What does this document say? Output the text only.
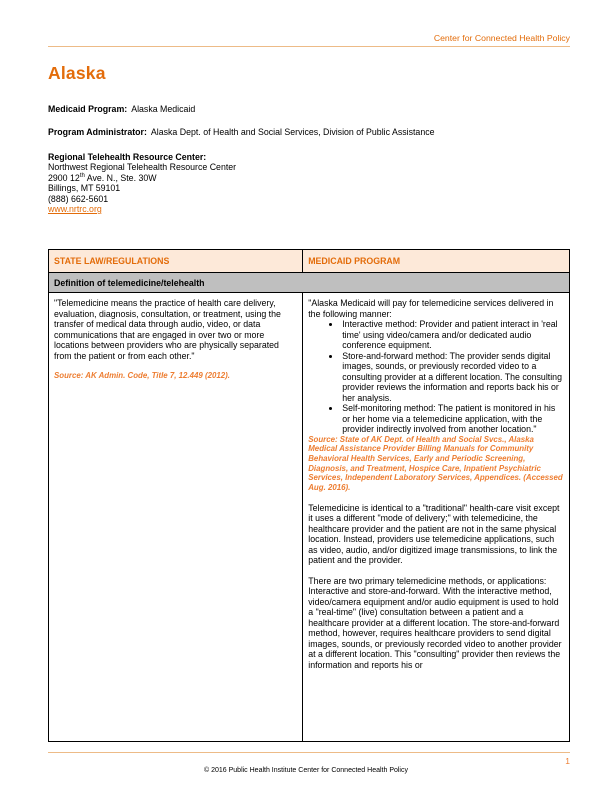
Center for Connected Health Policy
Alaska
Medicaid Program: Alaska Medicaid
Program Administrator: Alaska Dept. of Health and Social Services, Division of Public Assistance
Regional Telehealth Resource Center:
Northwest Regional Telehealth Resource Center
2900 12th Ave. N., Ste. 30W
Billings, MT 59101
(888) 662-5601
www.nrtrc.org
STATE LAW/REGULATIONS	MEDICAID PROGRAM
Definition of telemedicine/telehealth	

"Telemedicine means the practice of health care delivery, evaluation, diagnosis, consultation, or treatment, using the transfer of medical data through audio, video, or data communications that are engaged in over two or more locations between providers who are physically separated from the patient or from each other."

Source: AK Admin. Code, Title 7, 12.449 (2012).

"Alaska Medicaid will pay for telemedicine services delivered in the following manner:
• Interactive method: Provider and patient interact in 'real time' using video/camera and/or dedicated audio conference equipment.
• Store-and-forward method: The provider sends digital images, sounds, or previously recorded video to a consulting provider at a different location. The consulting provider reviews the information and reports back his or her analysis.
• Self-monitoring method: The patient is monitored in his or her home via a telemedicine application, with the provider indirectly involved from another location."

Source: State of AK Dept. of Health and Social Svcs., Alaska Medical Assistance Provider Billing Manuals for Community Behavioral Health Services, Early and Periodic Screening, Diagnosis, and Treatment, Hospice Care, Inpatient Psychiatric Services, Independent Laboratory Services, Appendices. (Accessed Aug. 2016).

Telemedicine is identical to a "traditional" health-care visit except it uses a different "mode of delivery;" with telemedicine, the healthcare provider and the patient are not in the same physical location. Instead, providers use telemedicine applications, such as video, audio, and/or digitized image transmissions, to link the patient and the provider.

There are two primary telemedicine methods, or applications: Interactive and store-and-forward. With the interactive method, video/camera equipment and/or audio equipment is used to hold a "real-time" (live) consultation between a patient and a healthcare provider at a different location. The store-and-forward method, however, requires healthcare providers to send digital images, sounds, or previously recorded video to another provider at a different location. This "consulting" provider then reviews the information and reports his or

1
© 2016 Public Health Institute Center for Connected Health Policy
